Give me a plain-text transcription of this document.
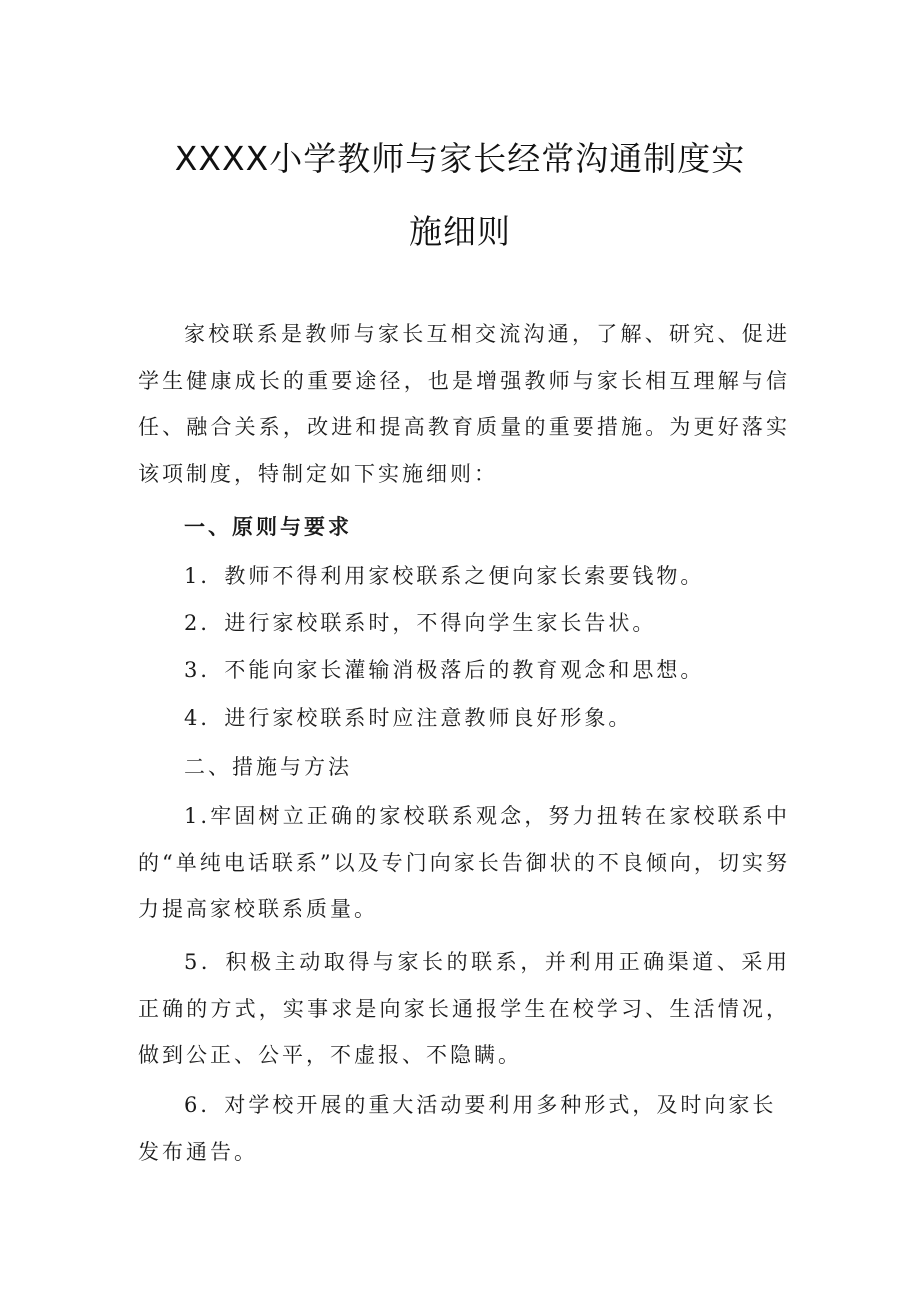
XXXX小学教师与家长经常沟通制度实
施细则

家校联系是教师与家长互相交流沟通，了解、研究、促进学生健康成长的重要途径，也是增强教师与家长相互理解与信任、融合关系，改进和提高教育质量的重要措施。为更好落实该项制度，特制定如下实施细则：

一、原则与要求

1．教师不得利用家校联系之便向家长索要钱物。

2．进行家校联系时，不得向学生家长告状。

3．不能向家长灌输消极落后的教育观念和思想。

4．进行家校联系时应注意教师良好形象。

二、措施与方法

1.牢固树立正确的家校联系观念，努力扭转在家校联系中的“单纯电话联系”以及专门向家长告御状的不良倾向，切实努力提高家校联系质量。

5．积极主动取得与家长的联系，并利用正确渠道、采用正确的方式，实事求是向家长通报学生在校学习、生活情况，做到公正、公平，不虚报、不隐瞒。

6．对学校开展的重大活动要利用多种形式，及时向家长

发布通告。
